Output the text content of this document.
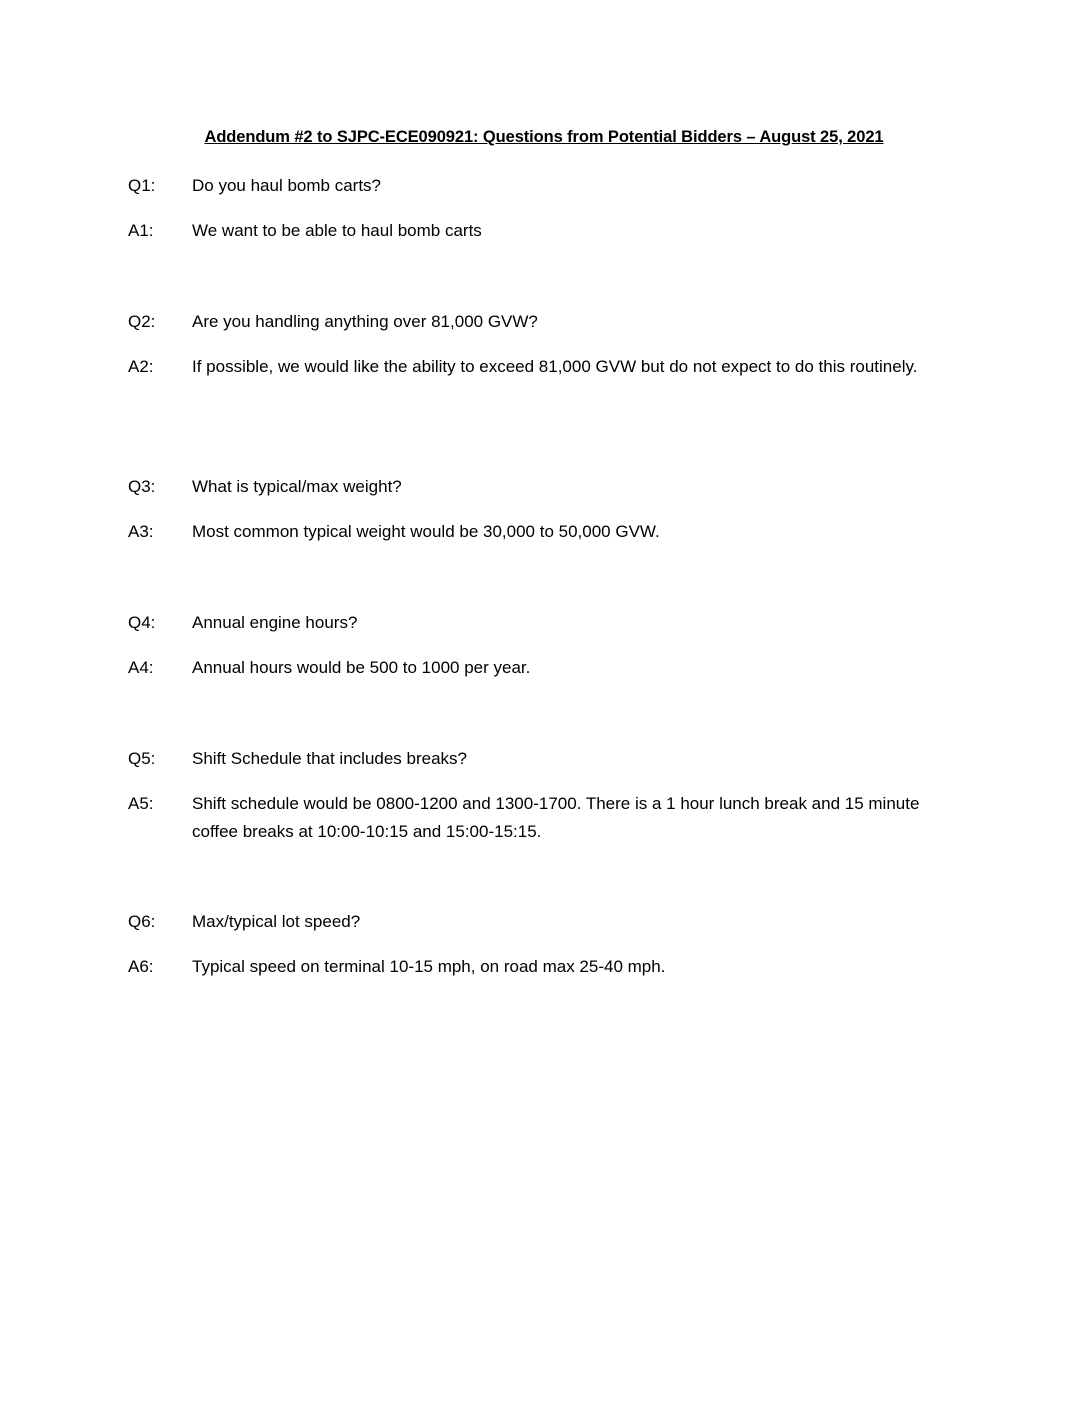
Addendum #2 to SJPC-ECE090921: Questions from Potential Bidders – August 25, 2021
Q1:	Do you haul bomb carts?
A1:	We want to be able to haul bomb carts
Q2:	Are you handling anything over 81,000 GVW?
A2:	If possible, we would like the ability to exceed 81,000 GVW but do not expect to do this routinely.
Q3:	What is typical/max weight?
A3:	Most common typical weight would be 30,000 to 50,000 GVW.
Q4:	Annual engine hours?
A4:	Annual hours would be 500 to 1000 per year.
Q5:	Shift Schedule that includes breaks?
A5:	Shift schedule would be 0800-1200 and 1300-1700. There is a 1 hour lunch break and 15 minute coffee breaks at 10:00-10:15 and 15:00-15:15.
Q6:	Max/typical lot speed?
A6:	Typical speed on terminal 10-15 mph, on road max 25-40 mph.
